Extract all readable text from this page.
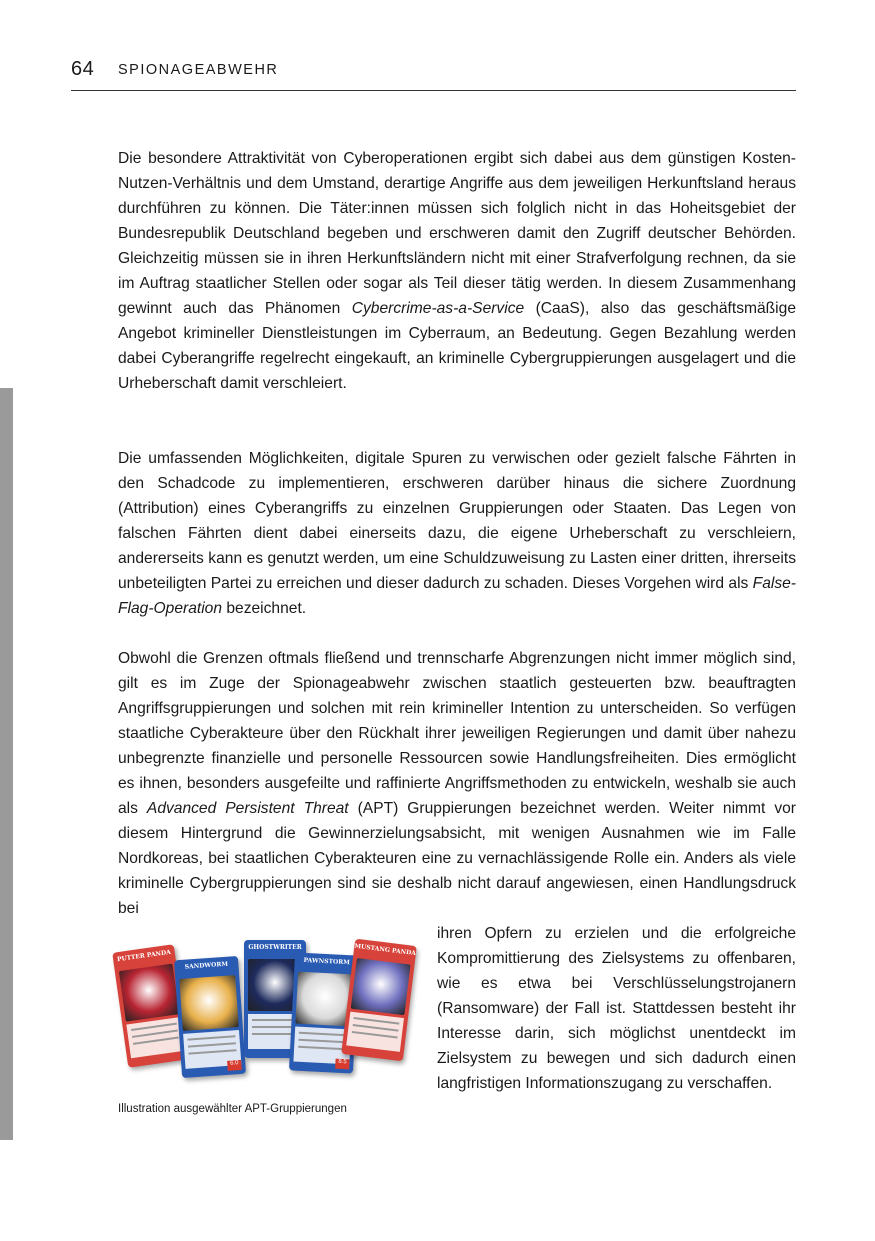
64 SPIONAGEABWEHR

Die besondere Attraktivität von Cyberoperationen ergibt sich dabei aus dem günstigen Kosten-Nutzen-Verhältnis und dem Umstand, derartige Angriffe aus dem jeweiligen Herkunftsland heraus durchführen zu können. Die Täter:innen müssen sich folglich nicht in das Hoheitsgebiet der Bundesrepublik Deutschland begeben und erschweren damit den Zugriff deutscher Behörden. Gleichzeitig müssen sie in ihren Herkunftsländern nicht mit einer Strafverfolgung rechnen, da sie im Auftrag staatlicher Stellen oder sogar als Teil dieser tätig werden. In diesem Zusammenhang gewinnt auch das Phänomen Cybercrime-as-a-Service (CaaS), also das geschäftsmäßige Angebot krimineller Dienstleistungen im Cyberraum, an Bedeutung. Gegen Bezahlung werden dabei Cyberangriffe regelrecht eingekauft, an kriminelle Cybergruppierungen ausgelagert und die Urheberschaft damit verschleiert.

Die umfassenden Möglichkeiten, digitale Spuren zu verwischen oder gezielt falsche Fährten in den Schadcode zu implementieren, erschweren darüber hinaus die sichere Zuordnung (Attribution) eines Cyberangriffs zu einzelnen Gruppierungen oder Staaten. Das Legen von falschen Fährten dient dabei einerseits dazu, die eigene Urheberschaft zu verschleiern, andererseits kann es genutzt werden, um eine Schuldzuweisung zu Lasten einer dritten, ihrerseits unbeteiligten Partei zu erreichen und dieser dadurch zu schaden. Dieses Vorgehen wird als False-Flag-Operation bezeichnet.

Obwohl die Grenzen oftmals fließend und trennscharfe Abgrenzungen nicht immer möglich sind, gilt es im Zuge der Spionageabwehr zwischen staatlich gesteuerten bzw. beauftragten Angriffsgruppierungen und solchen mit rein krimineller Intention zu unterscheiden. So verfügen staatliche Cyberakteure über den Rückhalt ihrer jeweiligen Regierungen und damit über nahezu unbegrenzte finanzielle und personelle Ressourcen sowie Handlungsfreiheiten. Dies ermöglicht es ihnen, besonders ausgefeilte und raffinierte Angriffsmethoden zu entwickeln, weshalb sie auch als Advanced Persistent Threat (APT) Gruppierungen bezeichnet werden. Weiter nimmt vor diesem Hintergrund die Gewinnerzielungsabsicht, mit wenigen Ausnahmen wie im Falle Nordkoreas, bei staatlichen Cyberakteuren eine zu vernachlässigende Rolle ein. Anders als viele kriminelle Cybergruppierungen sind sie deshalb nicht darauf angewiesen, einen Handlungsdruck bei

ihren Opfern zu erzielen und die erfolgreiche Kompromittierung des Zielsystems zu offenbaren, wie es etwa bei Verschlüsselungstrojanern (Ransomware) der Fall ist. Stattdessen besteht ihr Interesse darin, sich möglichst unentdeckt im Zielsystem zu bewegen und sich dadurch einen langfristigen Informationszugang zu verschaffen.

PUTTER PANDA
SANDWORM
6.0
GHOSTWRITER
PAWNSTORM
8.5
MUSTANG PANDA
Illustration ausgewählter APT-Gruppierungen
